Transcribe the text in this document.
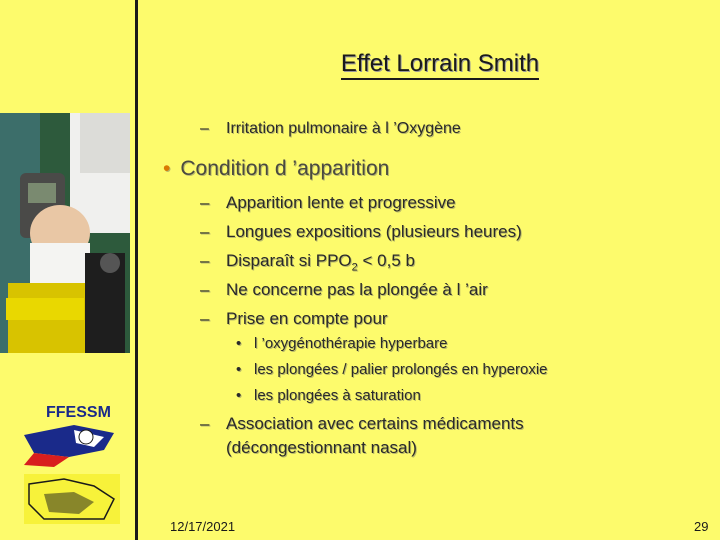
Effet Lorrain Smith
– Irritation pulmonaire à l ’Oxygène
• Condition d ’apparition
– Apparition lente et progressive
– Longues expositions (plusieurs heures)
– Disparaît si $PPO_2 < 0,5$ b
– Ne concerne pas la plongée à l ’air
– Prise en compte pour
• l ’oxygénothérapie hyperbare
• les plongées / palier prolongés en hyperoxie
• les plongées à saturation
– Association avec certains médicaments
(décongestionnant nasal)
FFESSM
12/17/2021	29
